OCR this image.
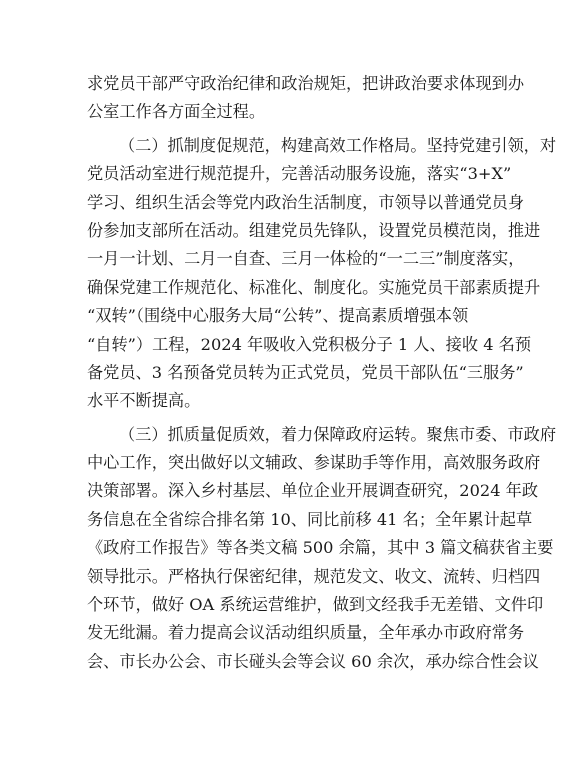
求党员干部严守政治纪律和政治规矩，把讲政治要求体现到办
公室工作各方面全过程。

（二）抓制度促规范，构建高效工作格局。坚持党建引领，对
党员活动室进行规范提升，完善活动服务设施，落实“3+X”
学习、组织生活会等党内政治生活制度，市领导以普通党员身
份参加支部所在活动。组建党员先锋队，设置党员模范岗，推进
一月一计划、二月一自查、三月一体检的“一二三”制度落实，
确保党建工作规范化、标准化、制度化。实施党员干部素质提升
“双转”（围绕中心服务大局“公转”、提高素质增强本领
“自转”）工程，2024 年吸收入党积极分子 1 人、接收 4 名预
备党员、3 名预备党员转为正式党员，党员干部队伍“三服务”
水平不断提高。

（三）抓质量促质效，着力保障政府运转。聚焦市委、市政府
中心工作，突出做好以文辅政、参谋助手等作用，高效服务政府
决策部署。深入乡村基层、单位企业开展调查研究，2024 年政
务信息在全省综合排名第 10、同比前移 41 名；全年累计起草
《政府工作报告》等各类文稿 500 余篇，其中 3 篇文稿获省主要
领导批示。严格执行保密纪律，规范发文、收文、流转、归档四
个环节，做好 OA 系统运营维护，做到文经我手无差错、文件印
发无纰漏。着力提高会议活动组织质量，全年承办市政府常务
会、市长办公会、市长碰头会等会议 60 余次，承办综合性会议
